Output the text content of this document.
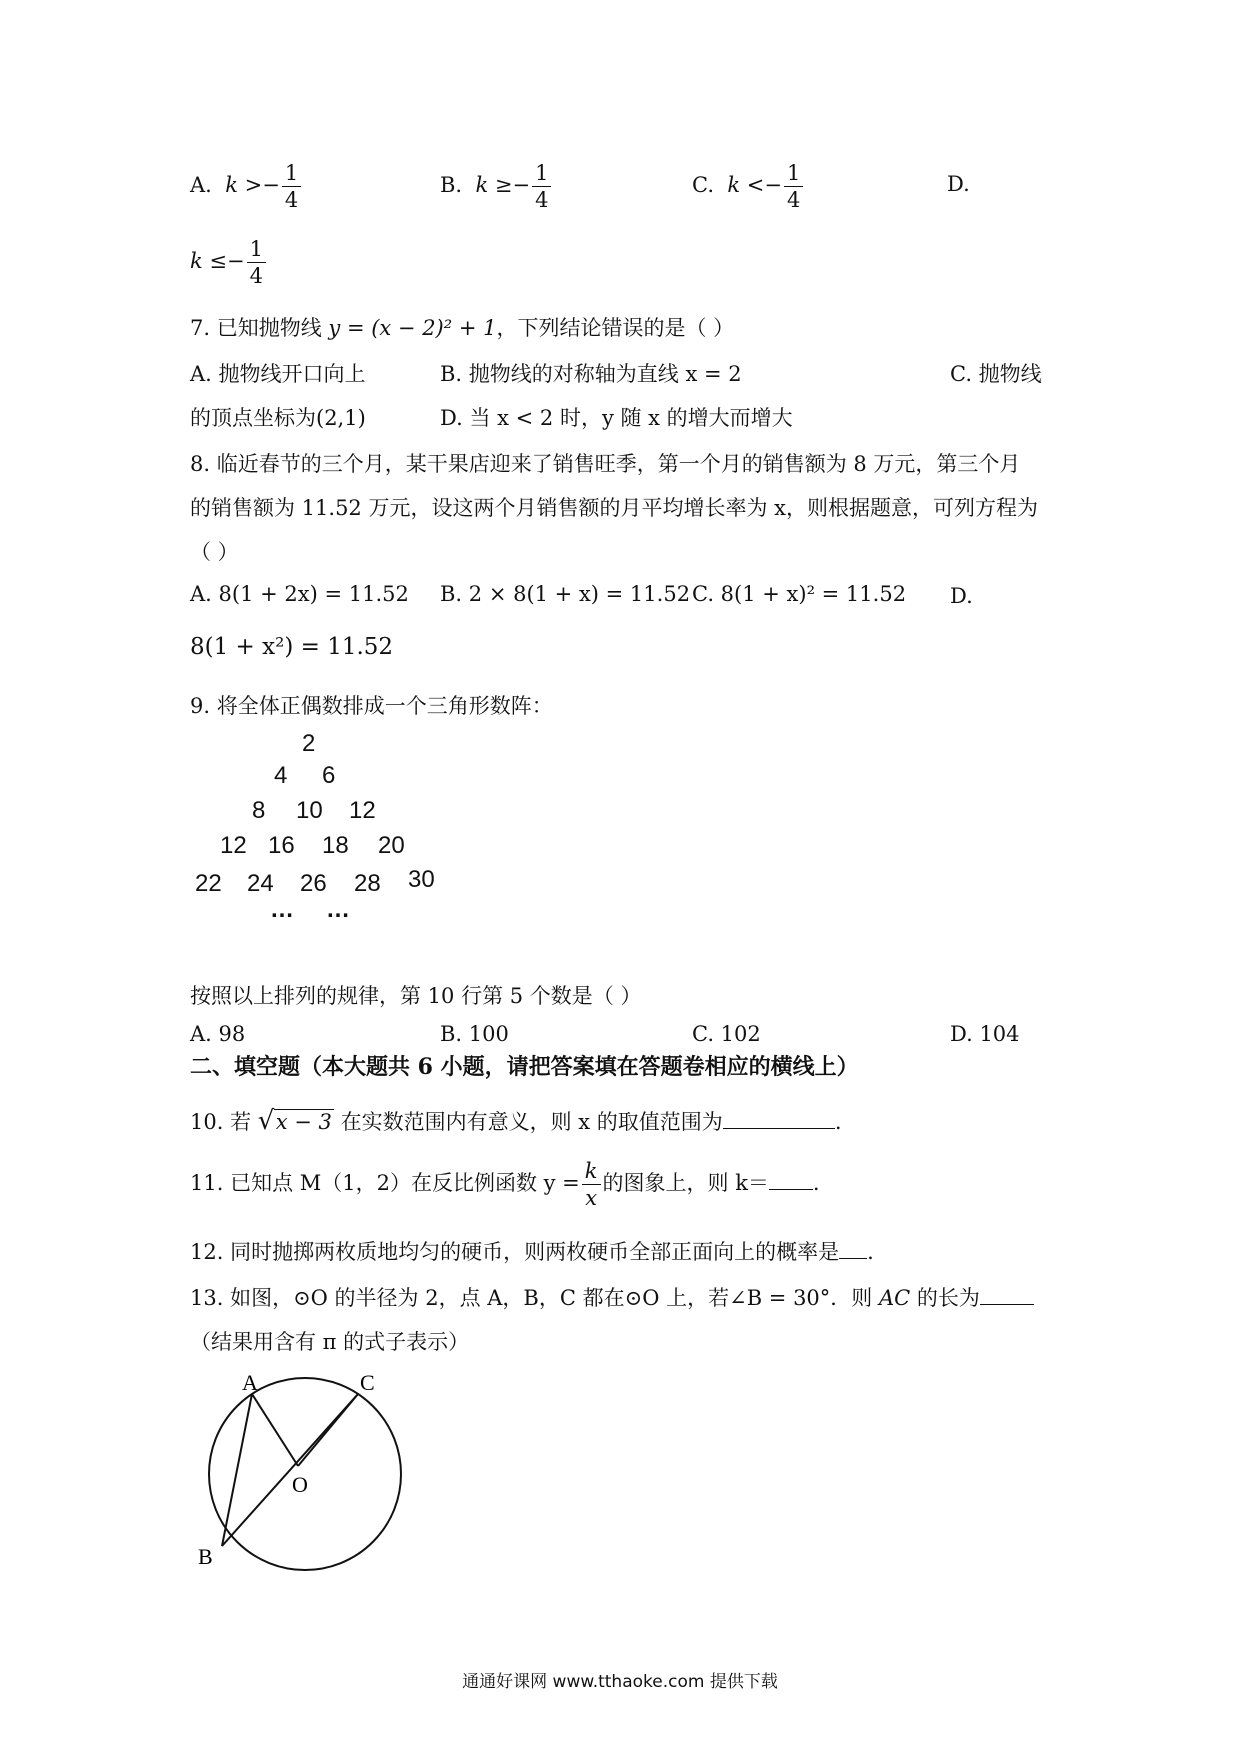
A. $k >- \frac{1}{4}$	B. $k \ge- \frac{1}{4}$	C. $k <- \frac{1}{4}$	D.
$k \le- \frac{1}{4}$
7. 已知抛物线 y = (x − 2)² + 1，下列结论错误的是（ ）
A. 抛物线开口向上	B. 抛物线的对称轴为直线 x = 2	C. 抛物线
的顶点坐标为(2,1)	D. 当 x < 2 时，y 随 x 的增大而增大
8. 临近春节的三个月，某干果店迎来了销售旺季，第一个月的销售额为 8 万元，第三个月
的销售额为 11.52 万元，设这两个月销售额的月平均增长率为 x，则根据题意，可列方程为
（ ）
A. 8(1 + 2x) = 11.52 B. 2 × 8(1 + x) = 11.52 C. 8(1 + x)² = 11.52 D.
8(1 + x²) = 11.52
9. 将全体正偶数排成一个三角形数阵：
2
4 6
8 10 12
12 16 18 20
22 24 26 28 30
… …
按照以上排列的规律，第 10 行第 5 个数是（ ）
A. 98	B. 100	C. 102	D. 104
二、填空题（本大题共 6 小题，请把答案填在答题卷相应的横线上）
10. 若 √ x − 3 在实数范围内有意义，则 x 的取值范围为	.
11. 已知点 M（1，2）在反比例函数 $y = \frac{k}{x}$ 的图象上，则 k＝ .
12. 同时抛掷两枚质地均匀的硬币，则两枚硬币全部正面向上的概率是 .
13. 如图，⊙O 的半径为 2，点 A，B，C 都在⊙O 上，若∠B = 30°．则 AC 的长为
（结果用含有 π 的式子表示）
A	C
O
B
通通好课网 www.tthaoke.com 提供下载
